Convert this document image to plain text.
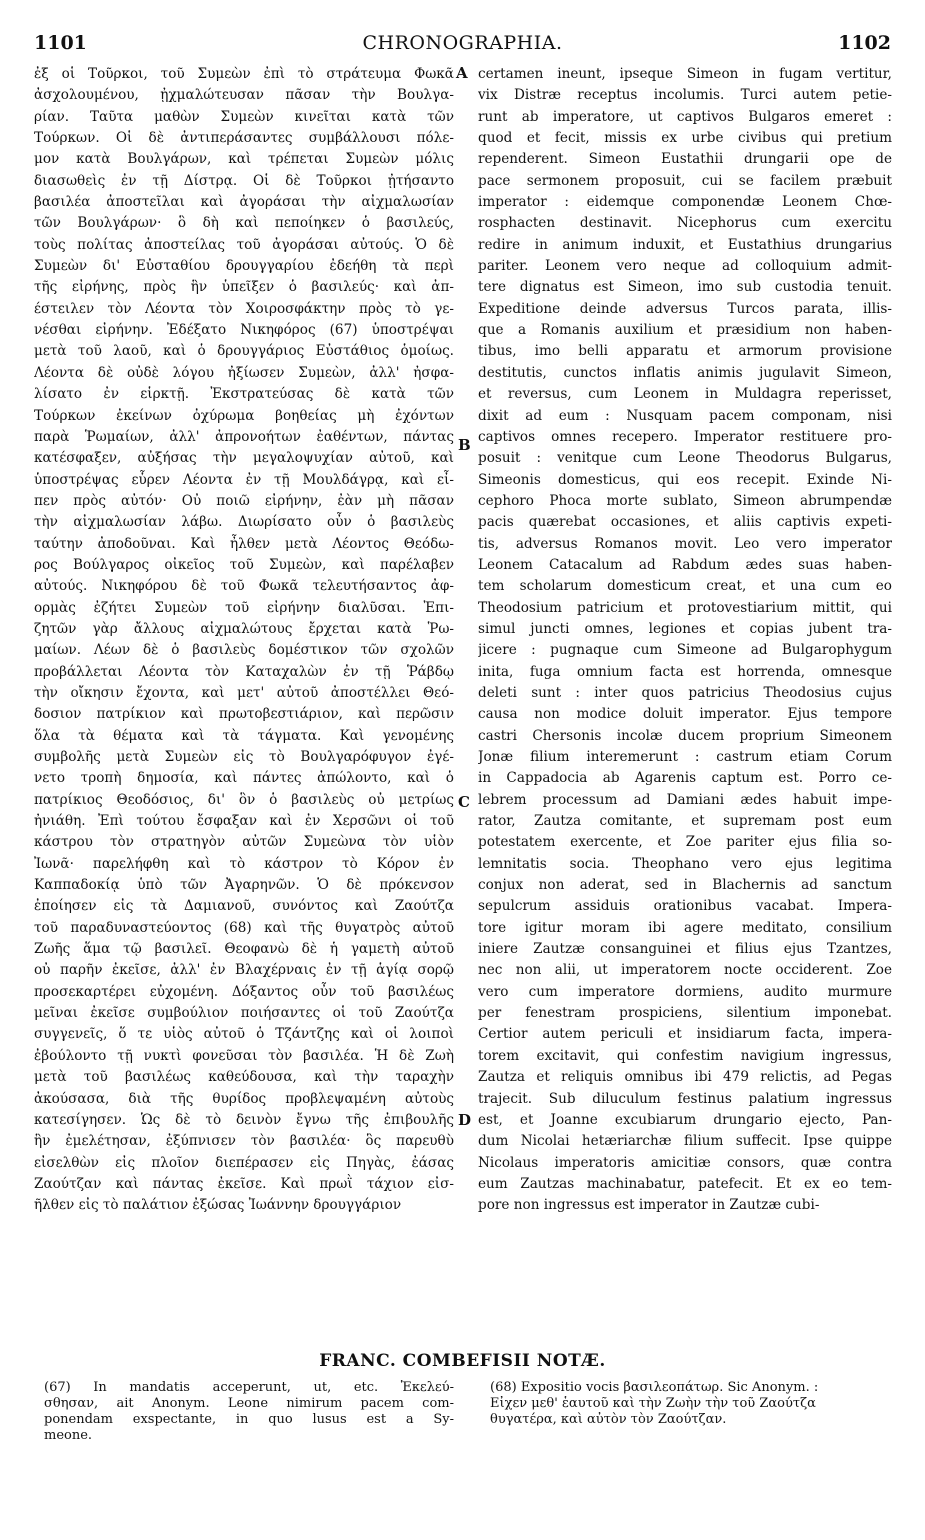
1101	CHRONOGRAPHIA.	1102
ἐξ οἱ Τοῦρκοι, τοῦ Συμεὼν ἐπὶ τὸ στράτευμα Φωκᾶ
ἀσχολουμένου, ᾐχμαλώτευσαν πᾶσαν τὴν Βουλγα-
ρίαν. Ταῦτα μαθὼν Συμεὼν κινεῖται κατὰ τῶν
Τούρκων. Οἱ δὲ ἀντιπεράσαντες συμβάλλουσι πόλε-
μον κατὰ Βουλγάρων, καὶ τρέπεται Συμεὼν μόλις
διασωθεὶς ἐν τῇ Δίστρᾳ. Οἱ δὲ Τοῦρκοι ᾐτήσαντο
βασιλέα ἀποστεῖλαι καὶ ἀγοράσαι τὴν αἰχμαλωσίαν
τῶν Βουλγάρων· ὃ δὴ καὶ πεποίηκεν ὁ βασιλεύς,
τοὺς πολίτας ἀποστείλας τοῦ ἀγοράσαι αὐτούς. Ὁ δὲ
Συμεὼν δι' Εὐσταθίου δρουγγαρίου ἐδεήθη τὰ περὶ
τῆς εἰρήνης, πρὸς ἣν ὑπεῖξεν ὁ βασιλεύς· καὶ ἀπ-
έστειλεν τὸν Λέοντα τὸν Χοιροσφάκτην πρὸς τὸ γε-
νέσθαι εἰρήνην. Ἐδέξατο Νικηφόρος (67) ὑποστρέψαι
μετὰ τοῦ λαοῦ, καὶ ὁ δρουγγάριος Εὐστάθιος ὁμοίως.
Λέοντα δὲ οὐδὲ λόγου ἠξίωσεν Συμεὼν, ἀλλ' ἠσφα-
λίσατο ἐν εἱρκτῇ. Ἐκστρατεύσας δὲ κατὰ τῶν
Τούρκων ἐκείνων ὀχύρωμα βοηθείας μὴ ἐχόντων
παρὰ Ῥωμαίων, ἀλλ' ἀπρονοήτων ἐαθέντων, πάντας
κατέσφαξεν, αὐξήσας τὴν μεγαλοψυχίαν αὐτοῦ, καὶ
ὑποστρέψας εὗρεν Λέοντα ἐν τῇ Μουλδάγρᾳ, καὶ εἶ-
πεν πρὸς αὐτόν· Οὐ ποιῶ εἰρήνην, ἐὰν μὴ πᾶσαν
τὴν αἰχμαλωσίαν λάβω. Διωρίσατο οὖν ὁ βασιλεὺς
ταύτην ἀποδοῦναι. Καὶ ἦλθεν μετὰ Λέοντος Θεόδω-
ρος Βούλγαρος οἰκεῖος τοῦ Συμεὼν, καὶ παρέλαβεν
αὐτούς. Νικηφόρου δὲ τοῦ Φωκᾶ τελευτήσαντος ἀφ-
ορμὰς ἐζήτει Συμεὼν τοῦ εἰρήνην διαλῦσαι. Ἐπι-
ζητῶν γὰρ ἄλλους αἰχμαλώτους ἔρχεται κατὰ Ῥω-
μαίων. Λέων δὲ ὁ βασιλεὺς δομέστικον τῶν σχολῶν
προβάλλεται Λέοντα τὸν Καταχαλὼν ἐν τῇ Ῥάβδῳ
τὴν οἴκησιν ἔχοντα, καὶ μετ' αὐτοῦ ἀποστέλλει Θεό-
δοσιον πατρίκιον καὶ πρωτοβεστιάριον, καὶ περῶσιν
ὅλα τὰ θέματα καὶ τὰ τάγματα. Καὶ γενομένης
συμβολῆς μετὰ Συμεὼν εἰς τὸ Βουλγαρόφυγον ἐγέ-
νετο τροπὴ δημοσία, καὶ πάντες ἀπώλοντο, καὶ ὁ
πατρίκιος Θεοδόσιος, δι' ὃν ὁ βασιλεὺς οὐ μετρίως
ἠνιάθη. Ἐπὶ τούτου ἔσφαξαν καὶ ἐν Χερσῶνι οἱ τοῦ
κάστρου τὸν στρατηγὸν αὐτῶν Συμεὼνα τὸν υἱὸν
Ἰωνᾶ· παρελήφθη καὶ τὸ κάστρον τὸ Κόρον ἐν
Καππαδοκίᾳ ὑπὸ τῶν Ἀγαρηνῶν. Ὁ δὲ πρόκενσον
ἐποίησεν εἰς τὰ Δαμιανοῦ, συνόντος καὶ Ζαούτζα
τοῦ παραδυναστεύοντος (68) καὶ τῆς θυγατρὸς αὐτοῦ
Ζωῆς ἅμα τῷ βασιλεῖ. Θεοφανὼ δὲ ἡ γαμετὴ αὐτοῦ
οὐ παρῆν ἐκεῖσε, ἀλλ' ἐν Βλαχέρναις ἐν τῇ ἁγίᾳ σορῷ
προσεκαρτέρει εὐχομένη. Δόξαντος οὖν τοῦ βασιλέως
μεῖναι ἐκεῖσε συμβούλιον ποιήσαντες οἱ τοῦ Ζαούτζα
συγγενεῖς, ὅ τε υἱὸς αὐτοῦ ὁ Τζάντζης καὶ οἱ λοιποὶ
ἐβούλοντο τῇ νυκτὶ φονεῦσαι τὸν βασιλέα. Ἡ δὲ Ζωὴ
μετὰ τοῦ βασιλέως καθεύδουσα, καὶ τὴν ταραχὴν
ἀκούσασα, διὰ τῆς θυρίδος προβλεψαμένη αὐτοὺς
κατεσίγησεν. Ὡς δὲ τὸ δεινὸν ἔγνω τῆς ἐπιβουλῆς
ἣν ἐμελέτησαν, ἐξύπνισεν τὸν βασιλέα· ὃς παρευθὺ
εἰσελθὼν εἰς πλοῖον διεπέρασεν εἰς Πηγὰς, ἐάσας
Ζαούτζαν καὶ πάντας ἐκεῖσε. Καὶ πρωῒ τάχιον εἰσ-
ῆλθεν εἰς τὸ παλάτιον ἐξώσας Ἰωάννην δρουγγάριον
certamen ineunt, ipseque Simeon in fugam vertitur,
vix Distræ receptus incolumis. Turci autem petie-
runt ab imperatore, ut captivos Bulgaros emeret :
quod et fecit, missis ex urbe civibus qui pretium
rependerent. Simeon Eustathii drungarii ope de
pace sermonem proposuit, cui se facilem præbuit
imperator : eidemque componendæ Leonem Chœ-
rosphacten destinavit. Nicephorus cum exercitu
redire in animum induxit, et Eustathius drungarius
pariter. Leonem vero neque ad colloquium admit-
tere dignatus est Simeon, imo sub custodia tenuit.
Expeditione deinde adversus Turcos parata, illis-
que a Romanis auxilium et præsidium non haben-
tibus, imo belli apparatu et armorum provisione
destitutis, cunctos inflatis animis jugulavit Simeon,
et reversus, cum Leonem in Muldagra reperisset,
dixit ad eum : Nusquam pacem componam, nisi
captivos omnes recepero. Imperator restituere pro-
posuit : venitque cum Leone Theodorus Bulgarus,
Simeonis domesticus, qui eos recepit. Exinde Ni-
cephoro Phoca morte sublato, Simeon abrumpendæ
pacis quærebat occasiones, et aliis captivis expeti-
tis, adversus Romanos movit. Leo vero imperator
Leonem Catacalum ad Rabdum ædes suas haben-
tem scholarum domesticum creat, et una cum eo
Theodosium patricium et protovestiarium mittit, qui
simul juncti omnes, legiones et copias jubent tra-
jicere : pugnaque cum Simeone ad Bulgarophygum
inita, fuga omnium facta est horrenda, omnesque
deleti sunt : inter quos patricius Theodosius cujus
causa non modice doluit imperator. Ejus tempore
castri Chersonis incolæ ducem proprium Simeonem
Jonæ filium interemerunt : castrum etiam Corum
in Cappadocia ab Agarenis captum est. Porro ce-
lebrem processum ad Damiani ædes habuit impe-
rator, Zautza comitante, et supremam post eum
potestatem exercente, et Zoe pariter ejus filia so-
lemnitatis socia. Theophano vero ejus legitima
conjux non aderat, sed in Blachernis ad sanctum
sepulcrum assiduis orationibus vacabat. Impera-
tore igitur moram ibi agere meditato, consilium
iniere Zautzæ consanguinei et filius ejus Tzantzes,
nec non alii, ut imperatorem nocte occiderent. Zoe
vero cum imperatore dormiens, audito murmure
per fenestram prospiciens, silentium imponebat.
Certior autem periculi et insidiarum facta, impera-
torem excitavit, qui confestim navigium ingressus,
Zautza et reliquis omnibus ibi 479 relictis, ad Pegas
trajecit. Sub diluculum festinus palatium ingressus
est, et Joanne excubiarum drungario ejecto, Pan-
dum Nicolai hetæriarchæ filium suffecit. Ipse quippe
Nicolaus imperatoris amicitiæ consors, quæ contra
eum Zautzas machinabatur, patefecit. Et ex eo tem-
pore non ingressus est imperator in Zautzæ cubi-
A
B
C
D
FRANC. COMBEFISII NOTÆ.
(67) In mandatis acceperunt, ut, etc. Ἐκελεύ-
σθησαν, ait Anonym. Leone nimirum pacem com-
ponendam exspectante, in quo lusus est a Sy-
meone.
(68) Expositio vocis βασιλεοπάτωρ. Sic Anonym. :
Εἶχεν μεθ' ἑαυτοῦ καὶ τὴν Ζωὴν τὴν τοῦ Ζαούτζα
θυγατέρα, καὶ αὐτὸν τὸν Ζαούτζαν.
